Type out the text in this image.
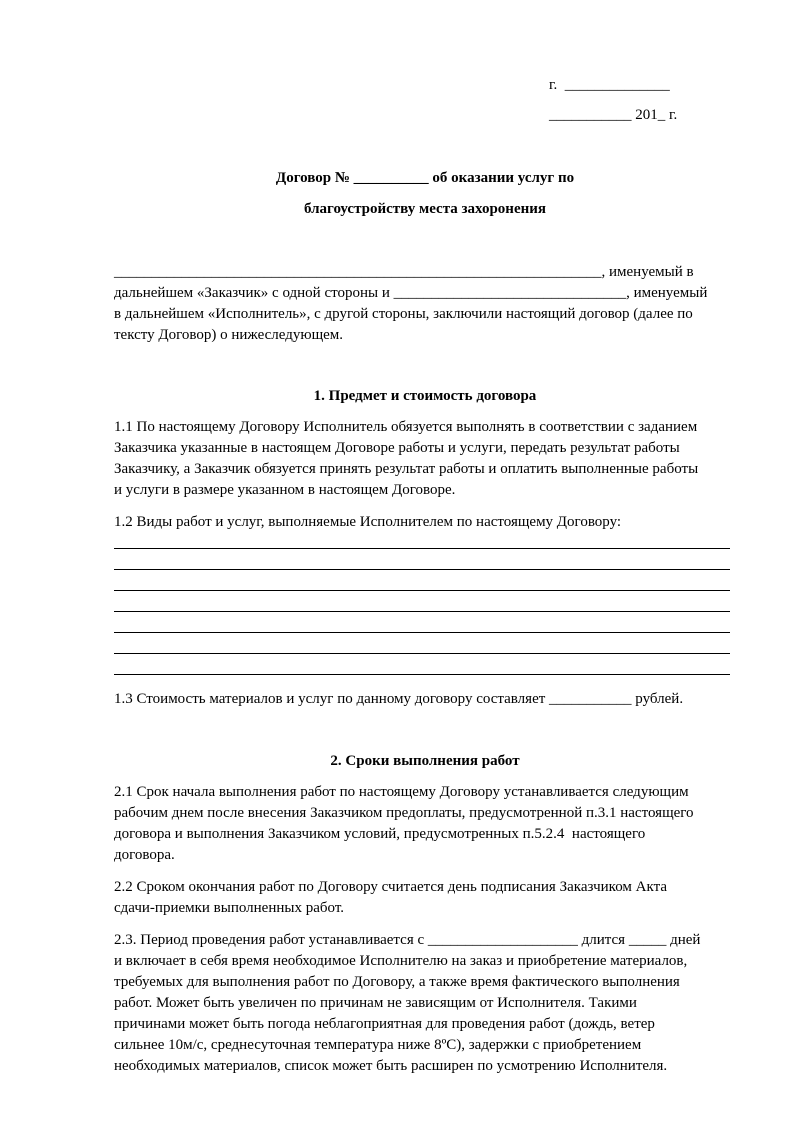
г.  ______________

___________ 201_ г.

Договор № __________ об оказании услуг по

благоустройству места захоронения

_________________________________________________________________, именуемый в

дальнейшем «Заказчик» с одной стороны и _______________________________, именуемый

в дальнейшем «Исполнитель», с другой стороны, заключили настоящий договор (далее по

тексту Договор) о нижеследующем.

1. Предмет и стоимость договора

1.1 По настоящему Договору Исполнитель обязуется выполнять в соответствии с заданием

Заказчика указанные в настоящем Договоре работы и услуги, передать результат работы

Заказчику, а Заказчик обязуется принять результат работы и оплатить выполненные работы

и услуги в размере указанном в настоящем Договоре.

1.2 Виды работ и услуг, выполняемые Исполнителем по настоящему Договору:

1.3 Стоимость материалов и услуг по данному договору составляет ___________ рублей.

2. Сроки выполнения работ

2.1 Срок начала выполнения работ по настоящему Договору устанавливается следующим

рабочим днем после внесения Заказчиком предоплаты, предусмотренной п.3.1 настоящего

договора и выполнения Заказчиком условий, предусмотренных п.5.2.4  настоящего

договора.

2.2 Сроком окончания работ по Договору считается день подписания Заказчиком Акта

сдачи-приемки выполненных работ.

2.3. Период проведения работ устанавливается с ____________________ длится _____ дней

и включает в себя время необходимое Исполнителю на заказ и приобретение материалов,

требуемых для выполнения работ по Договору, а также время фактического выполнения

работ. Может быть увеличен по причинам не зависящим от Исполнителя. Такими

причинами может быть погода неблагоприятная для проведения работ (дождь, ветер

сильнее 10м/с, среднесуточная температура ниже 8ºС), задержки с приобретением

необходимых материалов, список может быть расширен по усмотрению Исполнителя.
